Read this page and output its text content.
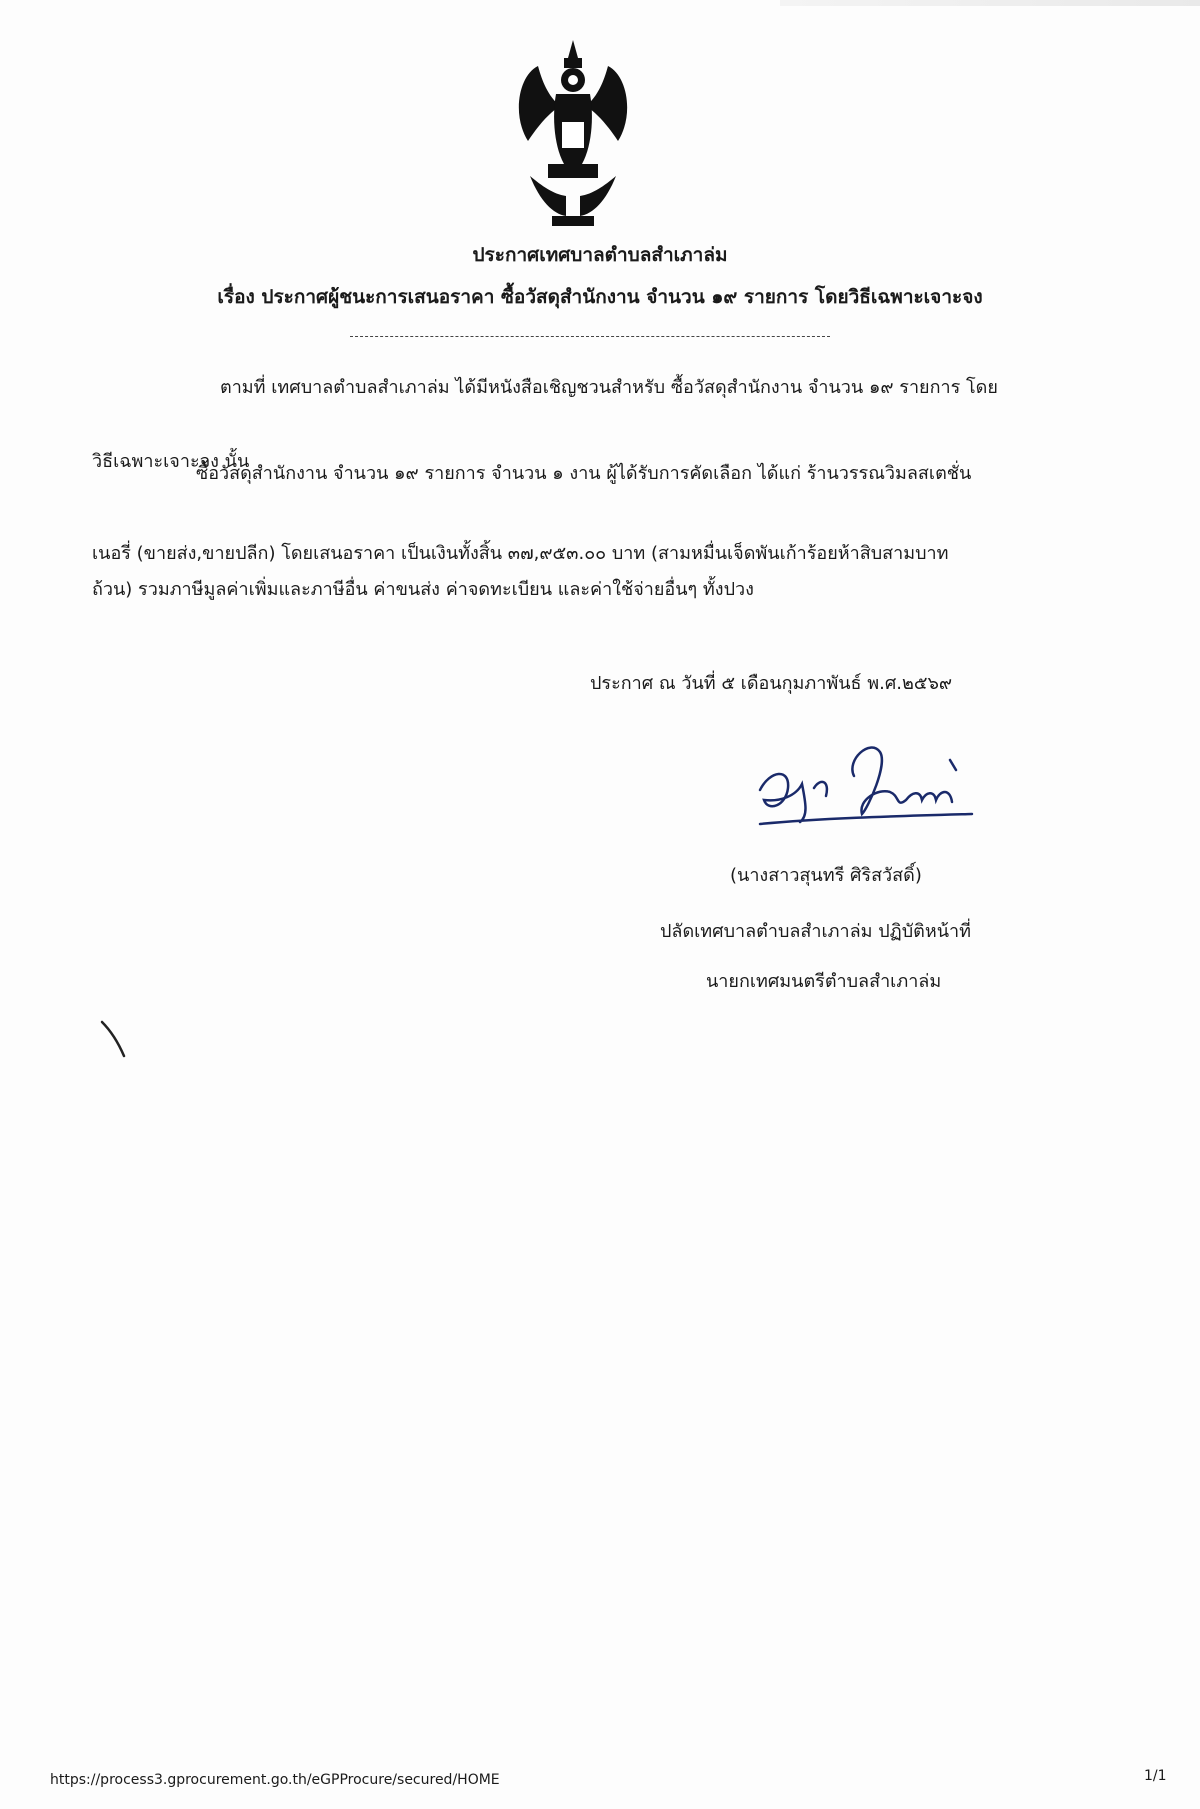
ประกาศเทศบาลตำบลสำเภาล่ม
เรื่อง ประกาศผู้ชนะการเสนอราคา ซื้อวัสดุสำนักงาน จำนวน ๑๙ รายการ โดยวิธีเฉพาะเจาะจง
ตามที่ เทศบาลตำบลสำเภาล่ม ได้มีหนังสือเชิญชวนสำหรับ ซื้อวัสดุสำนักงาน จำนวน ๑๙ รายการ โดย
วิธีเฉพาะเจาะจง นั้น
ซื้อวัสดุสำนักงาน จำนวน ๑๙ รายการ จำนวน ๑ งาน ผู้ได้รับการคัดเลือก ได้แก่ ร้านวรรณวิมลสเตชั่น
เนอรี่ (ขายส่ง,ขายปลีก) โดยเสนอราคา เป็นเงินทั้งสิ้น ๓๗,๙๕๓.๐๐ บาท (สามหมื่นเจ็ดพันเก้าร้อยห้าสิบสามบาท
ถ้วน) รวมภาษีมูลค่าเพิ่มและภาษีอื่น ค่าขนส่ง ค่าจดทะเบียน และค่าใช้จ่ายอื่นๆ ทั้งปวง
ประกาศ ณ วันที่ ๕ เดือนกุมภาพันธ์ พ.ศ.๒๕๖๙
(นางสาวสุนทรี ศิริสวัสดิ์)
ปลัดเทศบาลตำบลสำเภาล่ม ปฏิบัติหน้าที่
นายกเทศมนตรีตำบลสำเภาล่ม
https://process3.gprocurement.go.th/eGPProcure/secured/HOME	1/1
